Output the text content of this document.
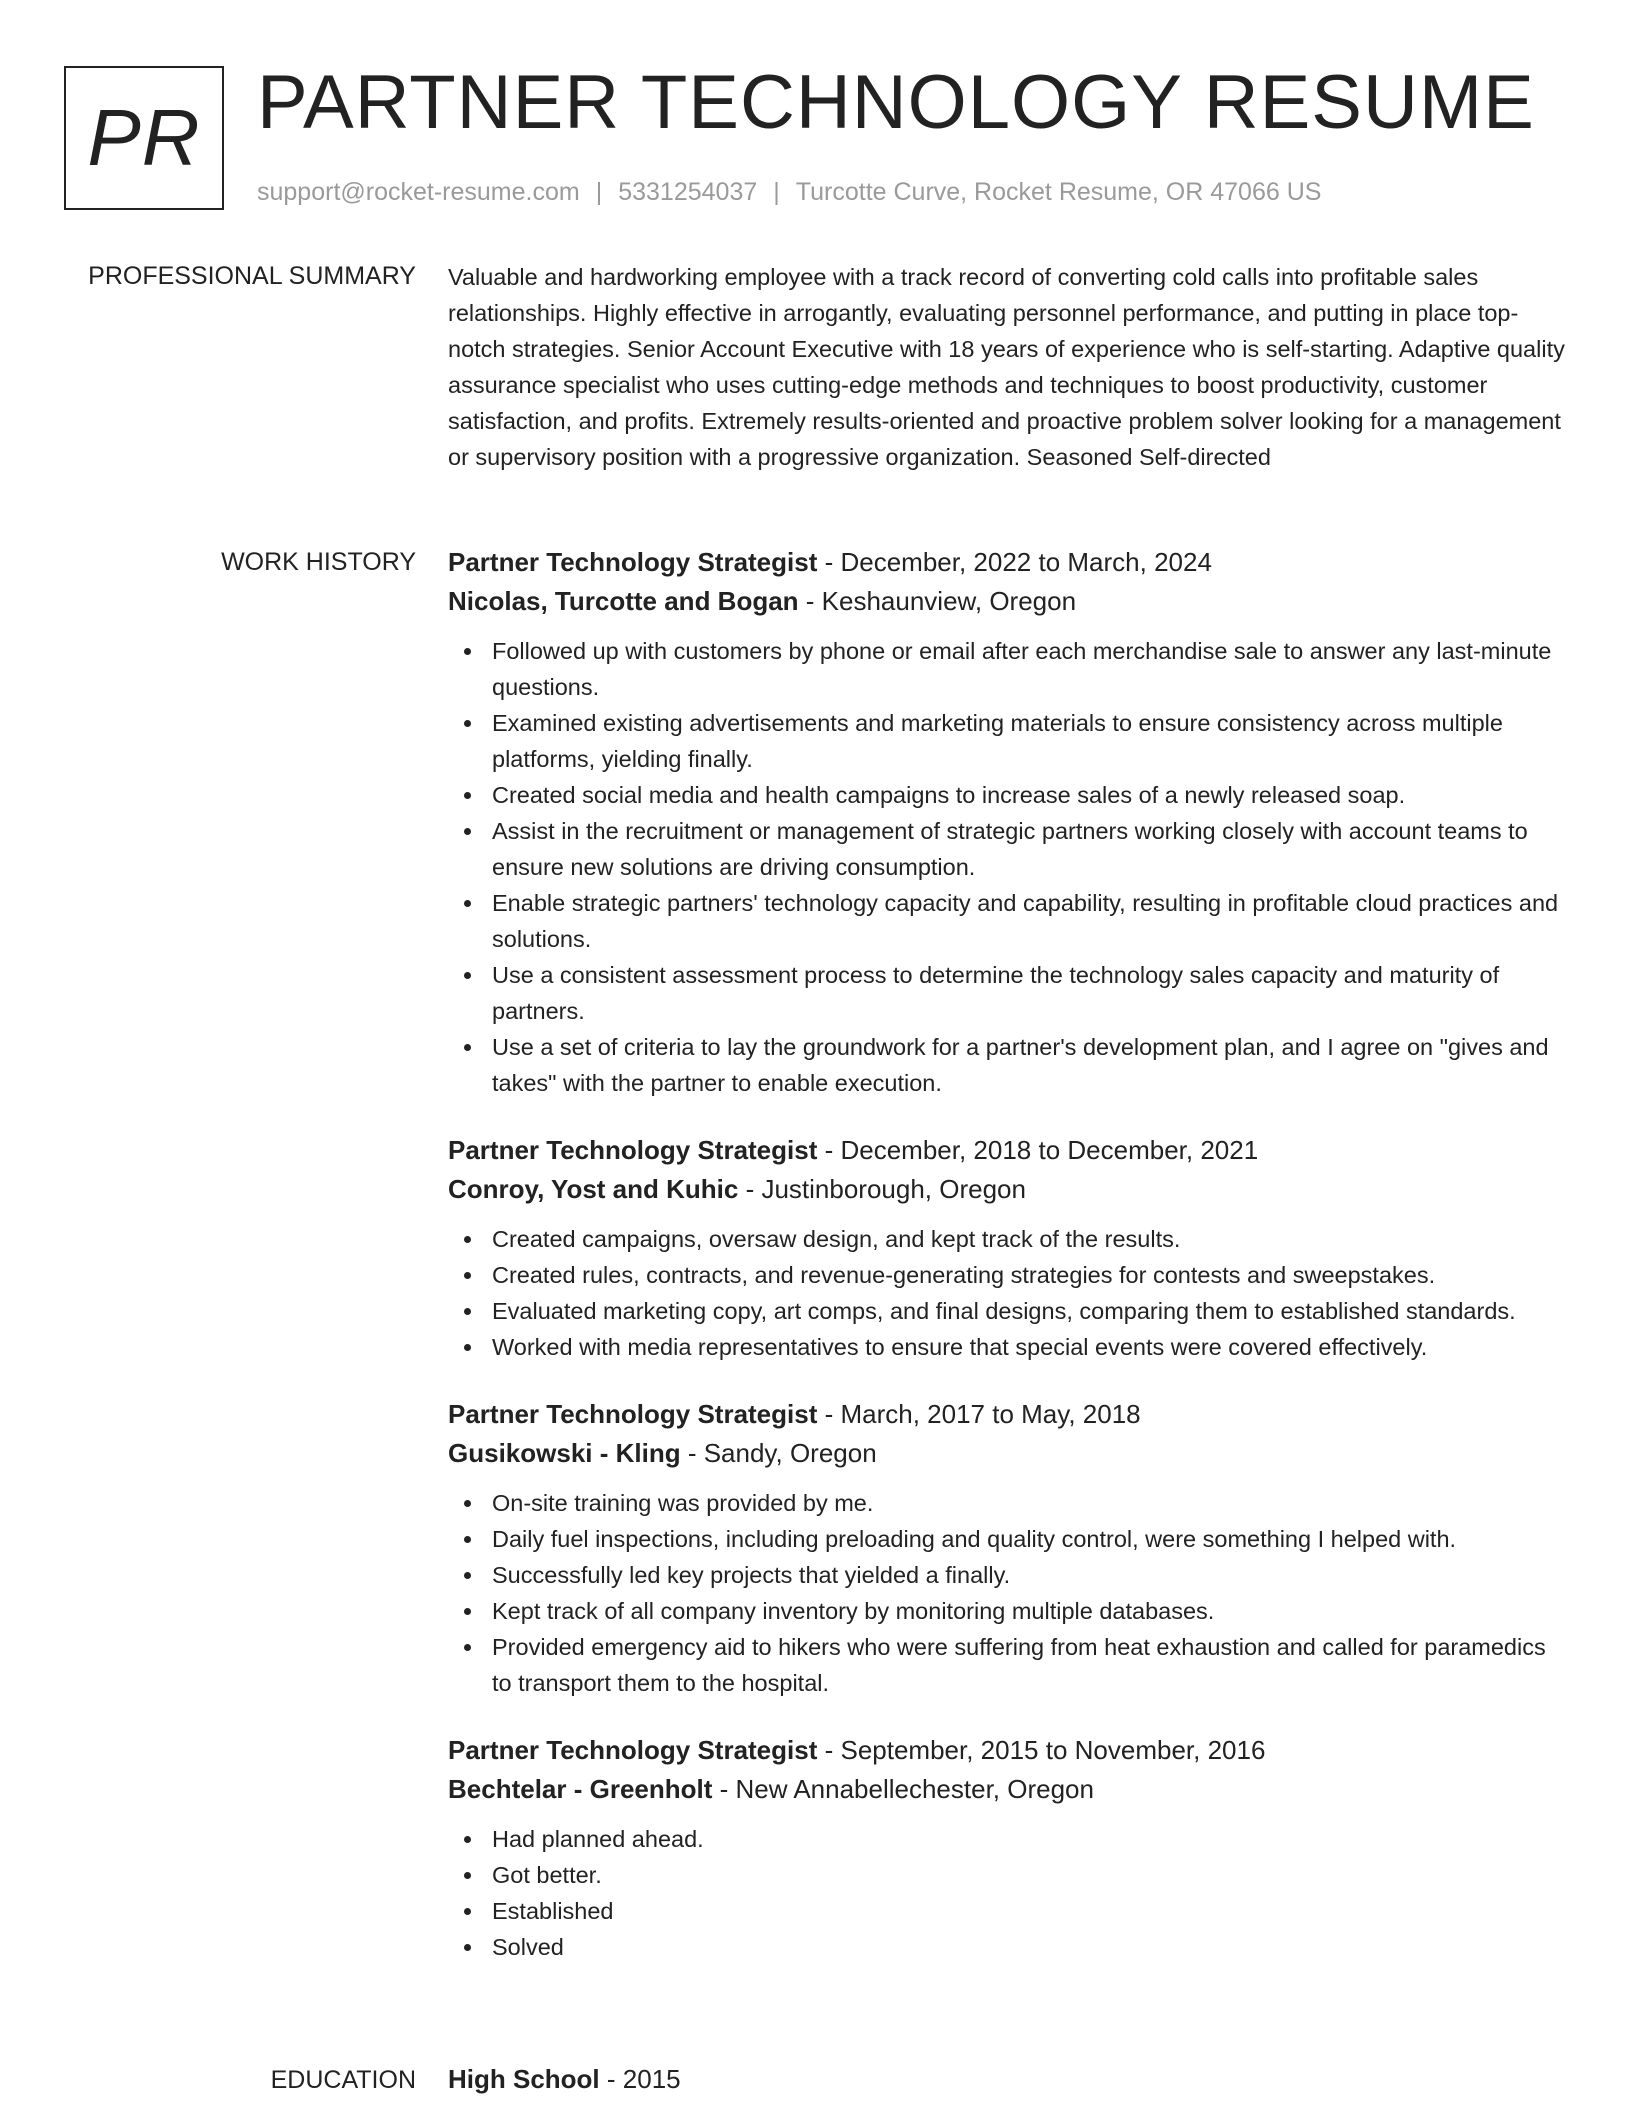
PR PARTNER TECHNOLOGY RESUME
support@rocket-resume.com | 5331254037 | Turcotte Curve, Rocket Resume, OR 47066 US
PROFESSIONAL SUMMARY Valuable and hardworking employee with a track record of converting cold calls into profitable sales relationships. Highly effective in arrogantly, evaluating personnel performance, and putting in place top-notch strategies. Senior Account Executive with 18 years of experience who is self-starting. Adaptive quality assurance specialist who uses cutting-edge methods and techniques to boost productivity, customer satisfaction, and profits. Extremely results-oriented and proactive problem solver looking for a management or supervisory position with a progressive organization. Seasoned Self-directed

WORK HISTORY Partner Technology Strategist - December, 2022 to March, 2024
Nicolas, Turcotte and Bogan - Keshaunview, Oregon
Followed up with customers by phone or email after each merchandise sale to answer any last-minute questions.
Examined existing advertisements and marketing materials to ensure consistency across multiple platforms, yielding finally.
Created social media and health campaigns to increase sales of a newly released soap.
Assist in the recruitment or management of strategic partners working closely with account teams to ensure new solutions are driving consumption.
Enable strategic partners' technology capacity and capability, resulting in profitable cloud practices and solutions.
Use a consistent assessment process to determine the technology sales capacity and maturity of partners.
Use a set of criteria to lay the groundwork for a partner's development plan, and I agree on "gives and takes" with the partner to enable execution.
Partner Technology Strategist - December, 2018 to December, 2021
Conroy, Yost and Kuhic - Justinborough, Oregon
Created campaigns, oversaw design, and kept track of the results.
Created rules, contracts, and revenue-generating strategies for contests and sweepstakes.
Evaluated marketing copy, art comps, and final designs, comparing them to established standards.
Worked with media representatives to ensure that special events were covered effectively.
Partner Technology Strategist - March, 2017 to May, 2018
Gusikowski - Kling - Sandy, Oregon
On-site training was provided by me.
Daily fuel inspections, including preloading and quality control, were something I helped with.
Successfully led key projects that yielded a finally.
Kept track of all company inventory by monitoring multiple databases.
Provided emergency aid to hikers who were suffering from heat exhaustion and called for paramedics to transport them to the hospital.
Partner Technology Strategist - September, 2015 to November, 2016
Bechtelar - Greenholt - New Annabellechester, Oregon
Had planned ahead.
Got better.
Established
Solved
EDUCATION High School - 2015
